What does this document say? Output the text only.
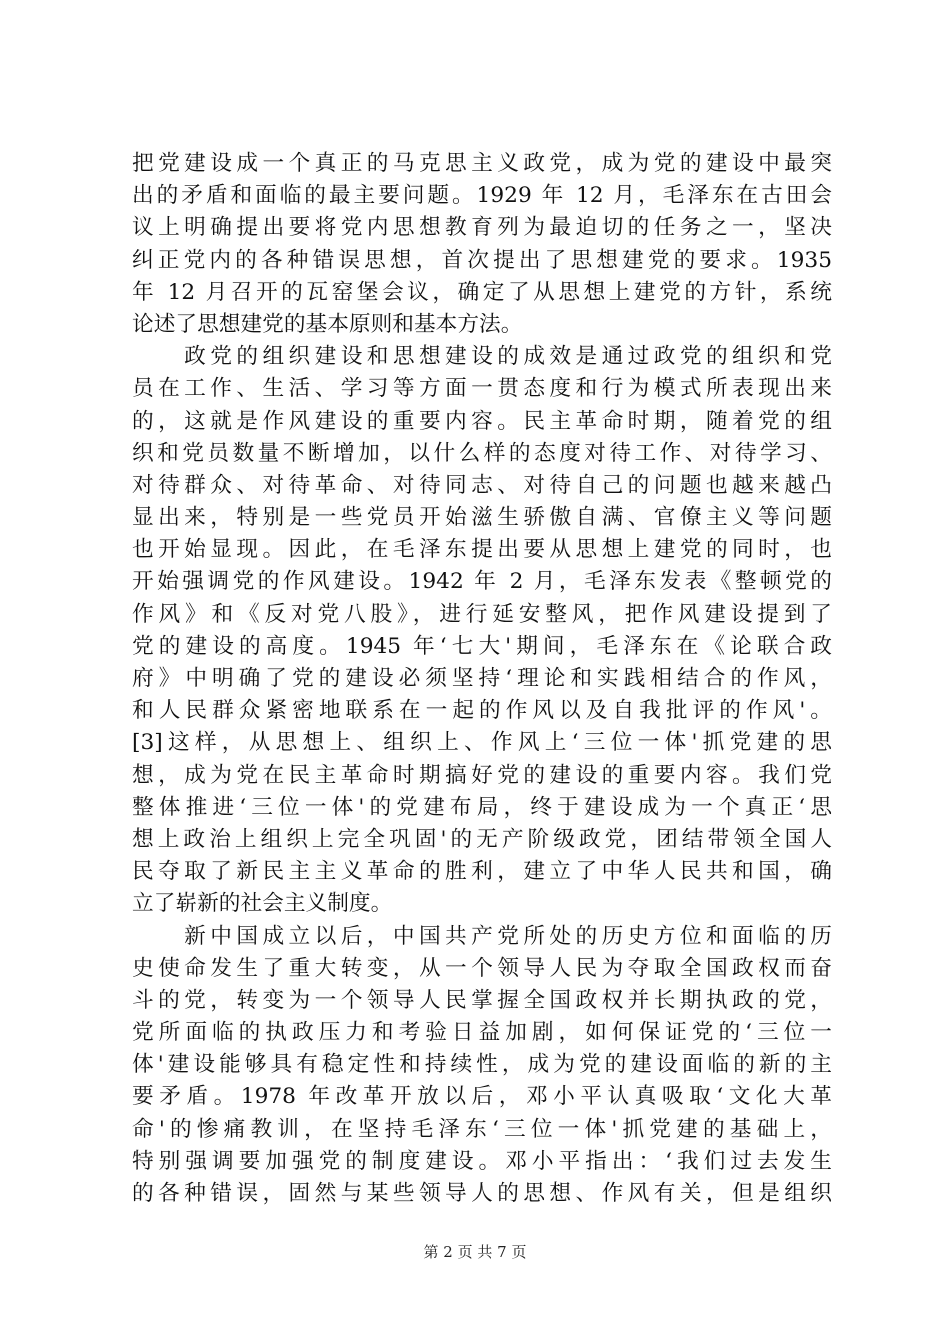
把党建设成一个真正的马克思主义政党，成为党的建设中最突
出的矛盾和面临的最主要问题。1929 年 12 月，毛泽东在古田会
议上明确提出要将党内思想教育列为最迫切的任务之一，坚决
纠正党内的各种错误思想，首次提出了思想建党的要求。1935
年 12 月召开的瓦窑堡会议，确定了从思想上建党的方针，系统
论述了思想建党的基本原则和基本方法。
　　政党的组织建设和思想建设的成效是通过政党的组织和党
员在工作、生活、学习等方面一贯态度和行为模式所表现出来
的，这就是作风建设的重要内容。民主革命时期，随着党的组
织和党员数量不断增加，以什么样的态度对待工作、对待学习、
对待群众、对待革命、对待同志、对待自己的问题也越来越凸
显出来，特别是一些党员开始滋生骄傲自满、官僚主义等问题
也开始显现。因此，在毛泽东提出要从思想上建党的同时，也
开始强调党的作风建设。1942 年 2 月，毛泽东发表《整顿党的
作风》和《反对党八股》，进行延安整风，把作风建设提到了
党的建设的高度。1945 年‘七大'期间，毛泽东在《论联合政
府》中明确了党的建设必须坚持‘理论和实践相结合的作风，
和人民群众紧密地联系在一起的作风以及自我批评的作风'。
[3]这样，从思想上、组织上、作风上‘三位一体'抓党建的思
想，成为党在民主革命时期搞好党的建设的重要内容。我们党
整体推进‘三位一体'的党建布局，终于建设成为一个真正‘思
想上政治上组织上完全巩固'的无产阶级政党，团结带领全国人
民夺取了新民主主义革命的胜利，建立了中华人民共和国，确
立了崭新的社会主义制度。
　　新中国成立以后，中国共产党所处的历史方位和面临的历
史使命发生了重大转变，从一个领导人民为夺取全国政权而奋
斗的党，转变为一个领导人民掌握全国政权并长期执政的党，
党所面临的执政压力和考验日益加剧，如何保证党的‘三位一
体'建设能够具有稳定性和持续性，成为党的建设面临的新的主
要矛盾。1978 年改革开放以后，邓小平认真吸取‘文化大革
命'的惨痛教训，在坚持毛泽东‘三位一体'抓党建的基础上，
特别强调要加强党的制度建设。邓小平指出：‘我们过去发生
的各种错误，固然与某些领导人的思想、作风有关，但是组织
第 2 页 共 7 页
